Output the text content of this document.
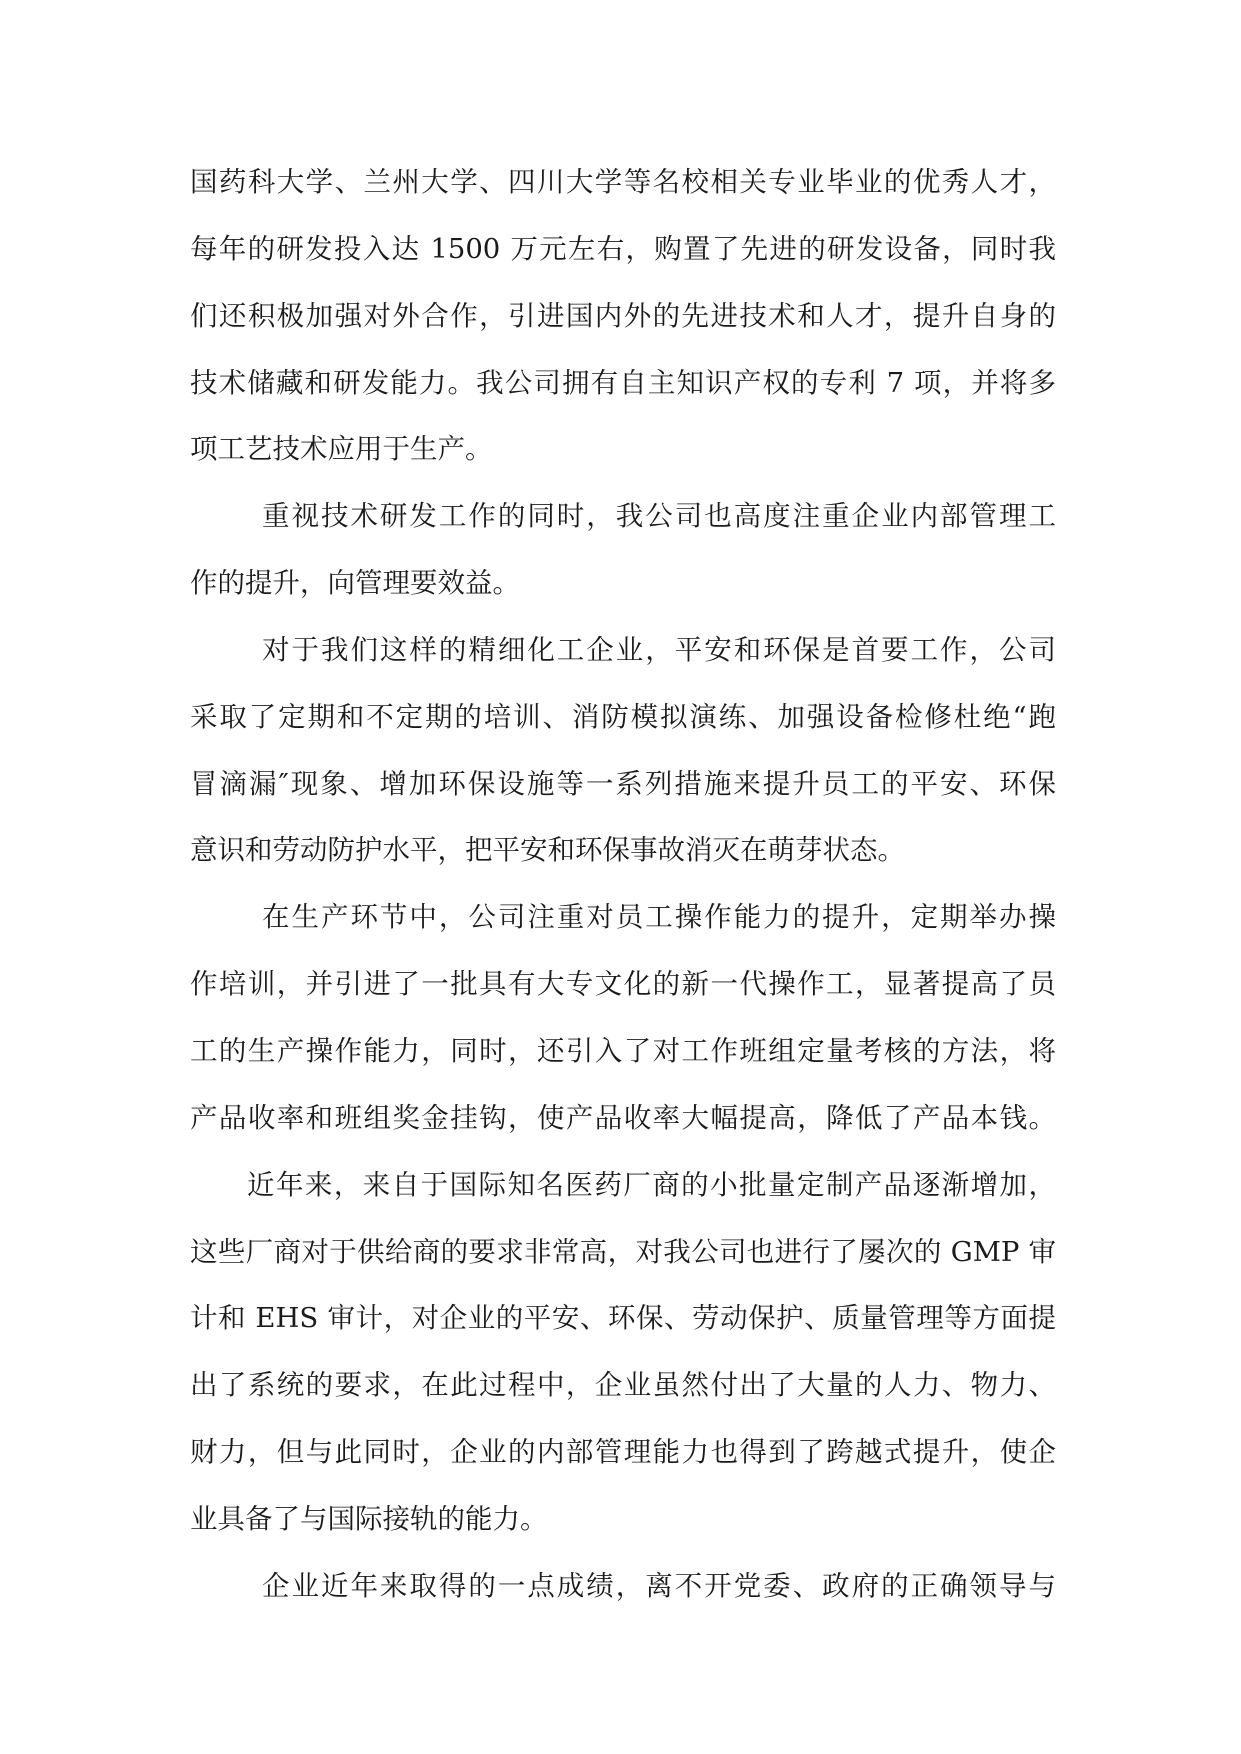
国药科大学、兰州大学、四川大学等名校相关专业毕业的优秀人才，
每年的研发投入达 1500 万元左右，购置了先进的研发设备，同时我
们还积极加强对外合作，引进国内外的先进技术和人才，提升自身的
技术储藏和研发能力。我公司拥有自主知识产权的专利 7 项，并将多
项工艺技术应用于生产。
重视技术研发工作的同时，我公司也高度注重企业内部管理工
作的提升，向管理要效益。
对于我们这样的精细化工企业，平安和环保是首要工作，公司
采取了定期和不定期的培训、消防模拟演练、加强设备检修杜绝“跑
冒滴漏″现象、增加环保设施等一系列措施来提升员工的平安、环保
意识和劳动防护水平，把平安和环保事故消灭在萌芽状态。
在生产环节中，公司注重对员工操作能力的提升，定期举办操
作培训，并引进了一批具有大专文化的新一代操作工，显著提高了员
工的生产操作能力，同时，还引入了对工作班组定量考核的方法，将
产品收率和班组奖金挂钩，使产品收率大幅提高，降低了产品本钱。
近年来，来自于国际知名医药厂商的小批量定制产品逐渐增加，
这些厂商对于供给商的要求非常高，对我公司也进行了屡次的 GMP 审
计和 EHS 审计，对企业的平安、环保、劳动保护、质量管理等方面提
出了系统的要求，在此过程中，企业虽然付出了大量的人力、物力、
财力，但与此同时，企业的内部管理能力也得到了跨越式提升，使企
业具备了与国际接轨的能力。
企业近年来取得的一点成绩，离不开党委、政府的正确领导与
